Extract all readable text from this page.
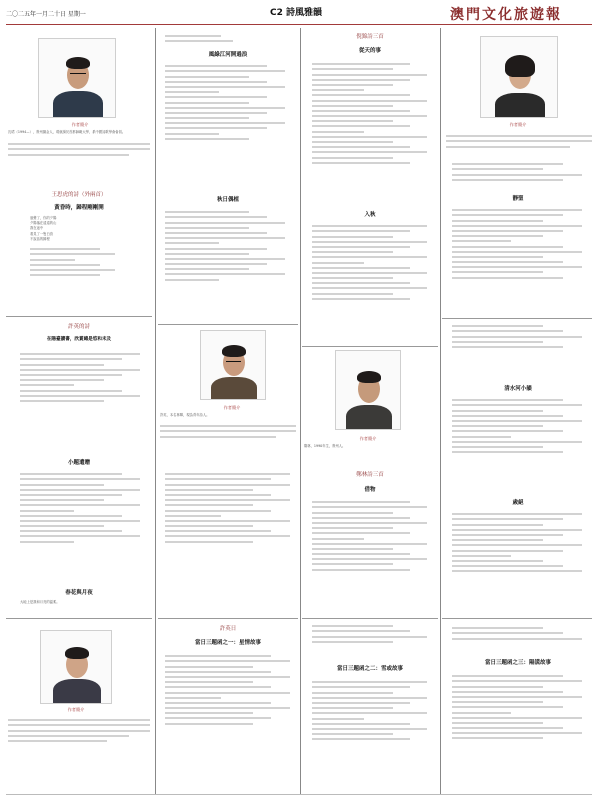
二〇二五年一月二十日 星期一	C2 詩風雅韻	澳門文化旅遊報
作者簡介

沈珺（1994—），貴州織金人，現就讀於首都師範大學，系中國詩歌學會會員。

王思虎的詩（外兩首）
黃昏時，歸程剛剛開

風聲了，你的夕陽

夕陽落在遠遠的山

我在途中

看見了一隻白鳥

不說話的歸程

許英的詩
在陽臺讀書，欣賞總是悠和未及
小題遺贈
春花與月夜

大地上是我和月亮的溫柔。

作者簡介
風綠江河開過浪
秋日偶植
作者簡介

許英，本名林輝，現為青年詩人。

許英日
當日三題函之一：星情故事
倪錦詩三首
從天的事
入秋
作者簡介

鄭林，1990年生，貴州人。

鄭林詩三首
借物
當日三題函之二：雪或故事
作者簡介
靜聖
清水河小韻
歲絕
當日三題函之三：陽謊故事
